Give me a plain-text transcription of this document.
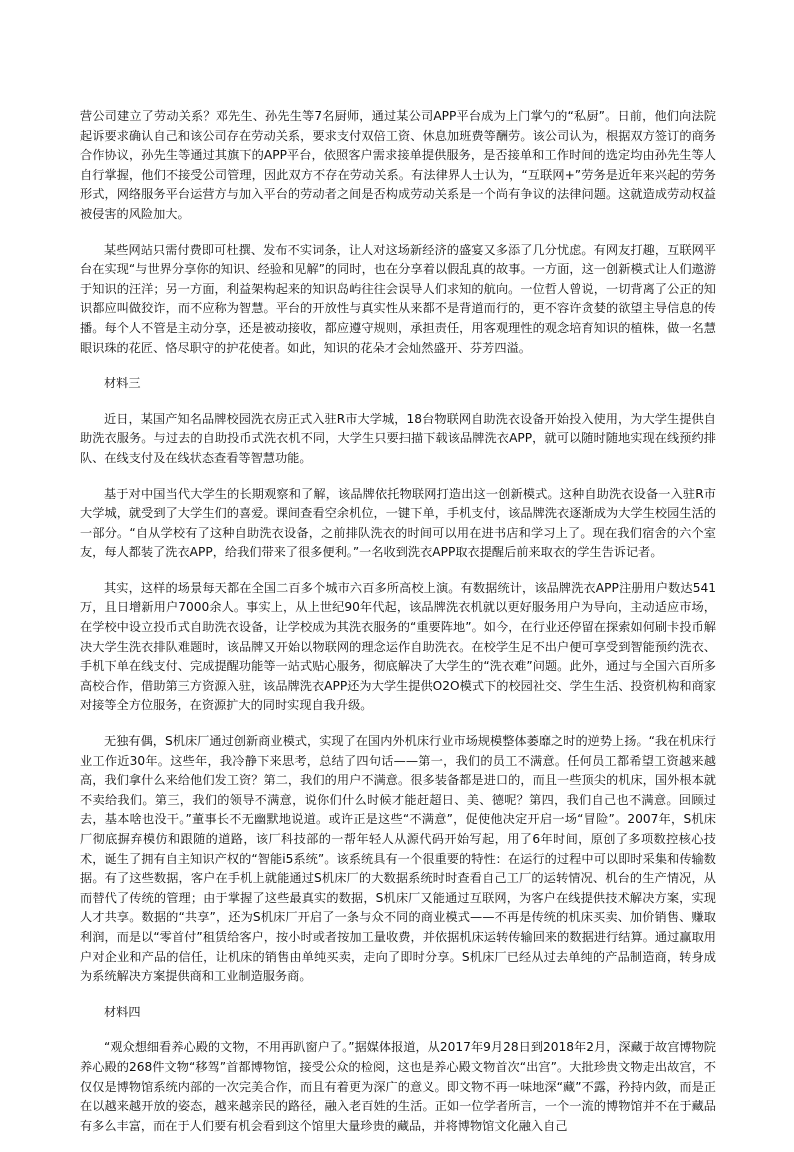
营公司建立了劳动关系？邓先生、孙先生等7名厨师，通过某公司APP平台成为上门掌勺的“私厨”。日前，他们向法院起诉要求确认自己和该公司存在劳动关系，要求支付双倍工资、休息加班费等酬劳。该公司认为，根据双方签订的商务合作协议，孙先生等通过其旗下的APP平台，依照客户需求接单提供服务，是否接单和工作时间的选定均由孙先生等人自行掌握，他们不接受公司管理，因此双方不存在劳动关系。有法律界人士认为，“互联网+”劳务是近年来兴起的劳务形式，网络服务平台运营方与加入平台的劳动者之间是否构成劳动关系是一个尚有争议的法律问题。这就造成劳动权益被侵害的风险加大。

某些网站只需付费即可杜撰、发布不实词条，让人对这场新经济的盛宴又多添了几分忧虑。有网友打趣，互联网平台在实现“与世界分享你的知识、经验和见解”的同时，也在分享着以假乱真的故事。一方面，这一创新模式让人们遨游于知识的汪洋；另一方面，利益架构起来的知识岛屿往往会误导人们求知的航向。一位哲人曾说，一切背离了公正的知识都应叫做狡诈，而不应称为智慧。平台的开放性与真实性从来都不是背道而行的，更不容许贪婪的欲望主导信息的传播。每个人不管是主动分享，还是被动接收，都应遵守规则，承担责任，用客观理性的观念培育知识的植株，做一名慧眼识珠的花匠、恪尽职守的护花使者。如此，知识的花朵才会灿然盛开、芬芳四溢。

材料三

近日，某国产知名品牌校园洗衣房正式入驻R市大学城，18台物联网自助洗衣设备开始投入使用，为大学生提供自助洗衣服务。与过去的自助投币式洗衣机不同，大学生只要扫描下载该品牌洗衣APP，就可以随时随地实现在线预约排队、在线支付及在线状态查看等智慧功能。

基于对中国当代大学生的长期观察和了解，该品牌依托物联网打造出这一创新模式。这种自助洗衣设备一入驻R市大学城，就受到了大学生们的喜爱。课间查看空余机位，一键下单，手机支付，该品牌洗衣逐渐成为大学生校园生活的一部分。“自从学校有了这种自助洗衣设备，之前排队洗衣的时间可以用在进书店和学习上了。现在我们宿舍的六个室友，每人都装了洗衣APP，给我们带来了很多便利。”一名收到洗衣APP取衣提醒后前来取衣的学生告诉记者。

其实，这样的场景每天都在全国二百多个城市六百多所高校上演。有数据统计，该品牌洗衣APP注册用户数达541万，且日增新用户7000余人。事实上，从上世纪90年代起，该品牌洗衣机就以更好服务用户为导向，主动适应市场，在学校中设立投币式自助洗衣设备，让学校成为其洗衣服务的“重要阵地”。如今，在行业还停留在探索如何刷卡投币解决大学生洗衣排队难题时，该品牌又开始以物联网的理念运作自助洗衣。在校学生足不出户便可享受到智能预约洗衣、手机下单在线支付、完成提醒功能等一站式贴心服务，彻底解决了大学生的“洗衣难”问题。此外，通过与全国六百所多高校合作，借助第三方资源入驻，该品牌洗衣APP还为大学生提供O2O模式下的校园社交、学生生活、投资机构和商家对接等全方位服务，在资源扩大的同时实现自我升级。

无独有偶，S机床厂通过创新商业模式，实现了在国内外机床行业市场规模整体萎靡之时的逆势上扬。“我在机床行业工作近30年。这些年，我冷静下来思考，总结了四句话——第一，我们的员工不满意。任何员工都希望工资越来越高，我们拿什么来给他们发工资？第二，我们的用户不满意。很多装备都是进口的，而且一些顶尖的机床，国外根本就不卖给我们。第三，我们的领导不满意，说你们什么时候才能赶超日、美、德呢？第四，我们自己也不满意。回顾过去，基本啥也没干。”董事长不无幽默地说道。或许正是这些“不满意”，促使他决定开启一场“冒险”。2007年，S机床厂彻底摒弃模仿和跟随的道路，该厂科技部的一帮年轻人从源代码开始写起，用了6年时间，原创了多项数控核心技术，诞生了拥有自主知识产权的“智能i5系统”。该系统具有一个很重要的特性：在运行的过程中可以即时采集和传输数据。有了这些数据，客户在手机上就能通过S机床厂的大数据系统时时查看自己工厂的运转情况、机台的生产情况，从而替代了传统的管理；由于掌握了这些最真实的数据，S机床厂又能通过互联网，为客户在线提供技术解决方案，实现人才共享。数据的“共享”，还为S机床厂开启了一条与众不同的商业模式——不再是传统的机床买卖、加价销售、赚取利润，而是以“零首付”租赁给客户，按小时或者按加工量收费，并依据机床运转传输回来的数据进行结算。通过赢取用户对企业和产品的信任，让机床的销售由单纯买卖，走向了即时分享。S机床厂已经从过去单纯的产品制造商，转身成为系统解决方案提供商和工业制造服务商。

材料四

“观众想细看养心殿的文物，不用再趴窗户了。”据媒体报道，从2017年9月28日到2018年2月，深藏于故宫博物院养心殿的268件文物“移驾”首都博物馆，接受公众的检阅，这也是养心殿文物首次“出宫”。大批珍贵文物走出故宫，不仅仅是博物馆系统内部的一次完美合作，而且有着更为深广的意义。即文物不再一味地深“藏”不露，矜持内敛，而是正在以越来越开放的姿态，越来越亲民的路径，融入老百姓的生活。正如一位学者所言，一个一流的博物馆并不在于藏品有多么丰富，而在于人们要有机会看到这个馆里大量珍贵的藏品，并将博物馆文化融入自己
